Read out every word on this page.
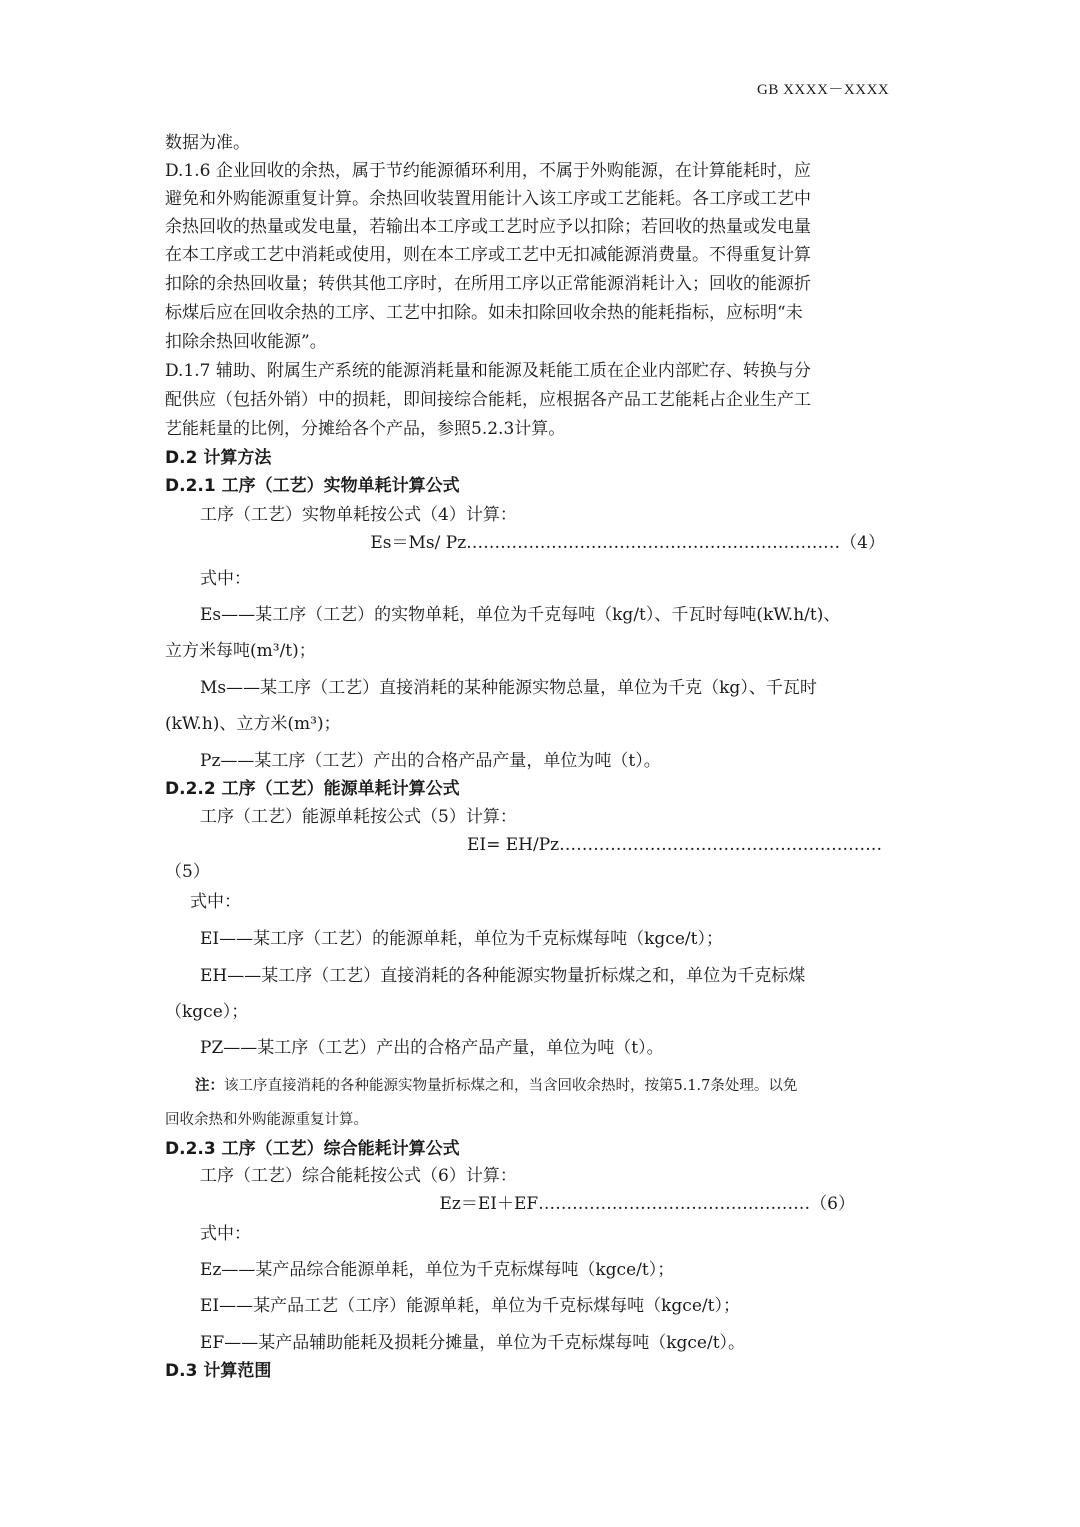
GB XXXX－XXXX
数据为准。
D.1.6 企业回收的余热，属于节约能源循环利用，不属于外购能源，在计算能耗时，应
避免和外购能源重复计算。余热回收装置用能计入该工序或工艺能耗。各工序或工艺中
余热回收的热量或发电量，若输出本工序或工艺时应予以扣除；若回收的热量或发电量
在本工序或工艺中消耗或使用，则在本工序或工艺中无扣减能源消费量。不得重复计算
扣除的余热回收量；转供其他工序时，在所用工序以正常能源消耗计入；回收的能源折
标煤后应在回收余热的工序、工艺中扣除。如未扣除回收余热的能耗指标，应标明“未
扣除余热回收能源”。
D.1.7 辅助、附属生产系统的能源消耗量和能源及耗能工质在企业内部贮存、转换与分
配供应（包括外销）中的损耗，即间接综合能耗，应根据各产品工艺能耗占企业生产工
艺能耗量的比例，分摊给各个产品，参照5.2.3计算。
D.2 计算方法
D.2.1 工序（工艺）实物单耗计算公式
工序（工艺）实物单耗按公式（4）计算：
Es＝Ms/ Pz…………………………………………………………（4）
式中：
Es——某工序（工艺）的实物单耗，单位为千克每吨（kg/t）、千瓦时每吨(kW.h/t)、
立方米每吨(m³/t)；
Ms——某工序（工艺）直接消耗的某种能源实物总量，单位为千克（kg）、千瓦时
(kW.h)、立方米(m³)；
Pz——某工序（工艺）产出的合格产品产量，单位为吨（t）。
D.2.2 工序（工艺）能源单耗计算公式
工序（工艺）能源单耗按公式（5）计算：
EI= EH/Pz…………………………………………………
（5）
式中：
EI——某工序（工艺）的能源单耗，单位为千克标煤每吨（kgce/t）；
EH——某工序（工艺）直接消耗的各种能源实物量折标煤之和，单位为千克标煤
（kgce）；
PZ——某工序（工艺）产出的合格产品产量，单位为吨（t）。
注：该工序直接消耗的各种能源实物量折标煤之和，当含回收余热时，按第5.1.7条处理。以免
回收余热和外购能源重复计算。
D.2.3 工序（工艺）综合能耗计算公式
工序（工艺）综合能耗按公式（6）计算：
Ez＝EI＋EF…………………………………………（6）
式中：
Ez——某产品综合能源单耗，单位为千克标煤每吨（kgce/t）；
EI——某产品工艺（工序）能源单耗，单位为千克标煤每吨（kgce/t）；
EF——某产品辅助能耗及损耗分摊量，单位为千克标煤每吨（kgce/t）。
D.3 计算范围
